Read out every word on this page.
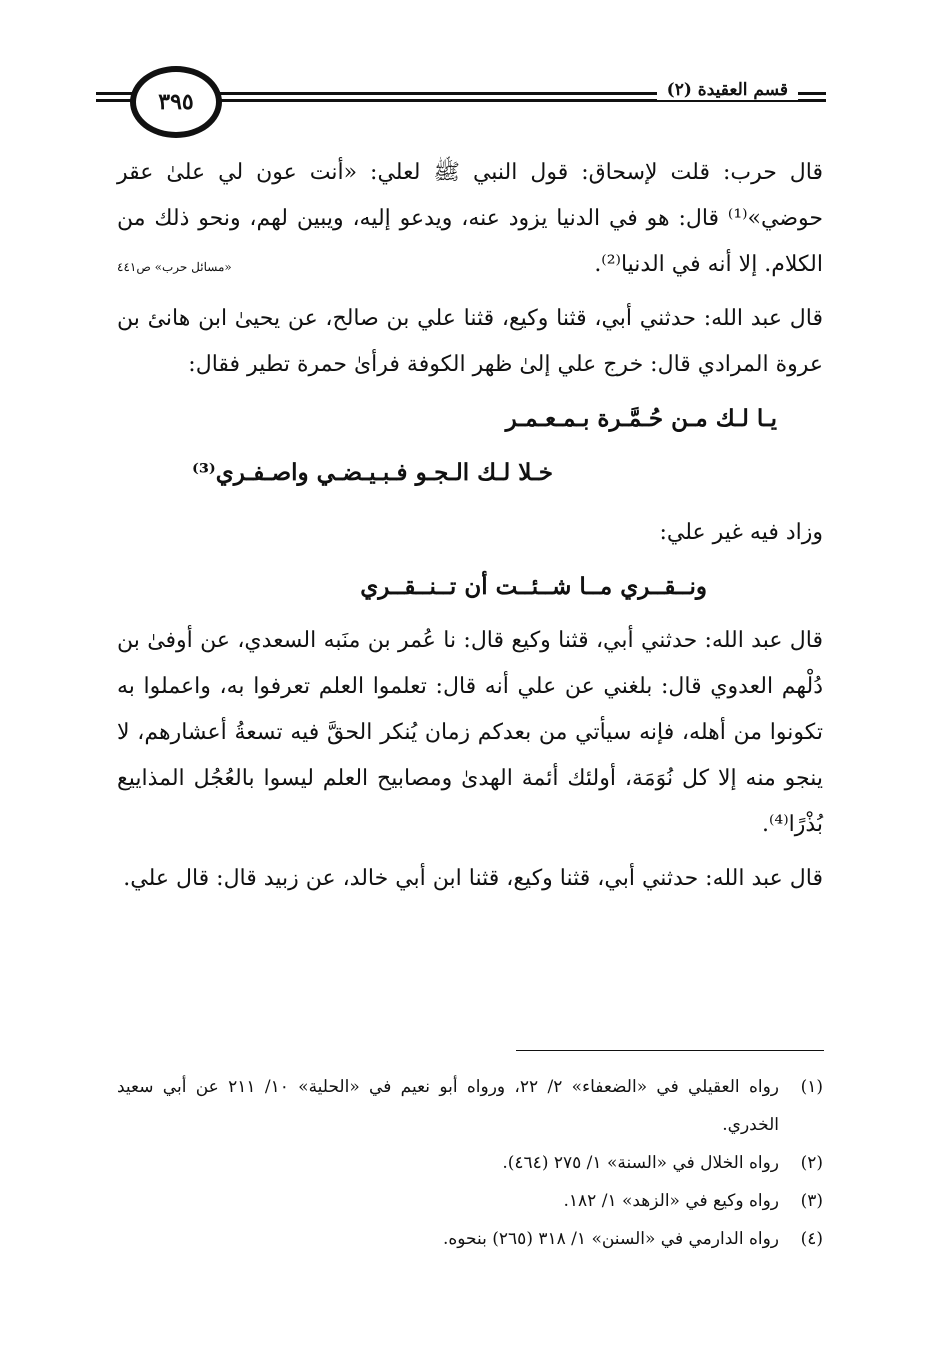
٣٩٥	قسم العقيدة (٢)

قال حرب: قلت لإسحاق: قول النبي ﷺ لعلي: «أنت عون لي علىٰ عقر حوضي»⁽¹⁾ قال: هو في الدنيا يزود عنه، ويدعو إليه، ويبين لهم، ونحو ذلك من الكلام. إلا أنه في الدنيا⁽²⁾.
«مسائل حرب» ص٤٤١

قال عبد الله: حدثني أبي، قثنا وكيع، قثنا علي بن صالح، عن يحيىٰ ابن هانئ بن عروة المرادي قال: خرج علي إلىٰ ظهر الكوفة فرأىٰ حمرة تطير فقال:

يـا لـك مـن حُـمَّـرة بـمـعـمـر
خـلا لـك الـجـو فـبـيـضـي واصـفـري⁽³⁾

وزاد فيه غير علي:

ونــقــري مــا شــئــت أن تــنــقــري

قال عبد الله: حدثني أبي، قثنا وكيع قال: نا عُمر بن منَبه السعدي، عن أوفىٰ بن دُلْهم العدوي قال: بلغني عن علي أنه قال: تعلموا العلم تعرفوا به، واعملوا به تكونوا من أهله، فإنه سيأتي من بعدكم زمان يُنكر الحقَّ فيه تسعةُ أعشارهم، لا ينجو منه إلا كل نُوَمَة، أولئك أئمة الهدىٰ ومصابيح العلم ليسوا بالعُجُل المذاييع بُذْرًا⁽⁴⁾.

قال عبد الله: حدثني أبي، قثنا وكيع، قثنا ابن أبي خالد، عن زبيد قال: قال علي.

(١)
رواه العقيلي في «الضعفاء» ٢/ ٢٢، ورواه أبو نعيم في «الحلية» ١٠/ ٢١١ عن أبي سعيد الخدري.
(٢)
رواه الخلال في «السنة» ١/ ٢٧٥ (٤٦٤).
(٣)
رواه وكيع في «الزهد» ١/ ١٨٢.
(٤)
رواه الدارمي في «السنن» ١/ ٣١٨ (٢٦٥) بنحوه.
